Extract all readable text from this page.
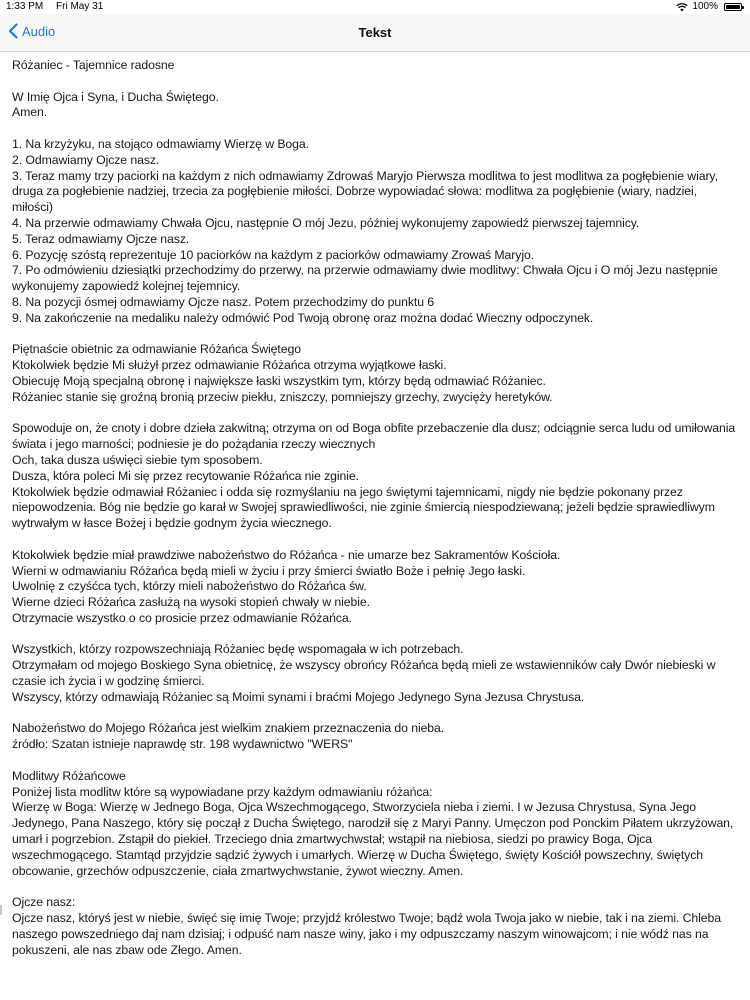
1:33 PM Fri May 31	100%
Audio	Tekst

Różaniec - Tajemnice radosne

W Imię Ojca i Syna, i Ducha Świętego.
Amen.

1. Na krzyżyku, na stojąco odmawiamy Wierzę w Boga.
2. Odmawiamy Ojcze nasz.
3. Teraz mamy trzy paciorki na każdym z nich odmawiamy Zdrowaś Maryjo Pierwsza modlitwa to jest modlitwa za pogłębienie wiary, druga za pogłebienie nadziej, trzecia za pogłębienie miłości. Dobrze wypowiadać słowa: modlitwa za pogłębienie (wiary, nadziei, miłości)
4. Na przerwie odmawiamy Chwała Ojcu, następnie O mój Jezu, później wykonujemy zapowiedź pierwszej tajemnicy.
5. Teraz odmawiamy Ojcze nasz.
6. Pozycję szóstą reprezentuje 10 paciorków na każdym z paciorków odmawiamy Zrowaś Maryjo.
7. Po odmówieniu dziesiątki przechodzimy do przerwy, na przerwie odmawiamy dwie modlitwy: Chwała Ojcu i O mój Jezu następnie wykonujemy zapowiedź kolejnej tejemnicy.
8. Na pozycji ósmej odmawiamy Ojcze nasz. Potem przechodzimy do punktu 6
9. Na zakończenie na medaliku należy odmówić Pod Twoją obronę oraz można dodać Wieczny odpoczynek.

Piętnaście obietnic za odmawianie Różańca Świętego
Ktokolwiek będzie Mi służył przez odmawianie Różańca otrzyma wyjątkowe łaski.
Obiecuję Moją specjalną obronę i największe łaski wszystkim tym, którzy będą odmawiać Różaniec.
Różaniec stanie się groźną bronią przeciw piekłu, zniszczy, pomniejszy grzechy, zwycięży heretyków.

Spowoduje on, że cnoty i dobre dzieła zakwitną; otrzyma on od Boga obfite przebaczenie dla dusz; odciągnie serca ludu od umiłowania świata i jego marności; podniesie je do pożądania rzeczy wiecznych
Och, taka dusza uświęci siebie tym sposobem.
Dusza, która poleci Mi się przez recytowanie Różańca nie zginie.
Ktokolwiek będzie odmawiał Różaniec i odda się rozmyślaniu na jego świętymi tajemnicami, nigdy nie będzie pokonany przez niepowodzenia. Bóg nie będzie go karał w Swojej sprawiedliwości, nie zginie śmiercią niespodziewaną; jeżeli będzie sprawiedliwym wytrwałym w łasce Bożej i będzie godnym życia wiecznego.

Ktokolwiek będzie miał prawdziwe nabożeństwo do Różańca - nie umarze bez Sakramentów Kościoła.
Wierni w odmawianiu Różańca będą mieli w życiu i przy śmierci światło Boże i pełnię Jego łaski.
Uwolnię z czyśćca tych, którzy mieli nabożeństwo do Różańca św.
Wierne dzieci Różańca zasłużą na wysoki stopień chwały w niebie.
Otrzymacie wszystko o co prosicie przez odmawianie Różańca.

Wszystkich, którzy rozpowszechniają Różaniec będę wspomagała w ich potrzebach.
Otrzymałam od mojego Boskiego Syna obietnicę, że wszyscy obrońcy Różańca będą mieli ze wstawienników cały Dwór niebieski w czasie ich życia i w godzinę śmierci.
Wszyscy, którzy odmawiają Różaniec są Moimi synami i braćmi Mojego Jedynego Syna Jezusa Chrystusa.

Nabożeństwo do Mojego Różańca jest wielkim znakiem przeznaczenia do nieba.
źródło: Szatan istnieje naprawdę str. 198 wydawnictwo "WERS"

Modlitwy Różańcowe
Poniżej lista modlitw które są wypowiadane przy każdym odmawianiu różańca:
Wierzę w Boga: Wierzę w Jednego Boga, Ojca Wszechmogącego, Stworzyciela nieba i ziemi. I w Jezusa Chrystusa, Syna Jego Jedynego, Pana Naszego, który się począł z Ducha Świętego, narodził się z Maryi Panny. Umęczon pod Ponckim Piłatem ukrzyżowan, umarł i pogrzebion. Zstąpił do piekieł. Trzeciego dnia zmartwychwstał; wstąpił na niebiosa, siedzi po prawicy Boga, Ojca wszechmogącego. Stamtąd przyjdzie sądzić żywych i umarłych. Wierzę w Ducha Świętego, święty Kościół powszechny, świętych obcowanie, grzechów odpuszczenie, ciała zmartwychwstanie, żywot wieczny. Amen.

Ojcze nasz:
Ojcze nasz, któryś jest w niebie, święć się imię Twoje; przyjdź królestwo Twoje; bądź wola Twoja jako w niebie, tak i na ziemi. Chleba naszego powszedniego daj nam dzisiaj; i odpuść nam nasze winy, jako i my odpuszczamy naszym winowajcom; i nie wódź nas na pokuszeni, ale nas zbaw ode Złego. Amen.
